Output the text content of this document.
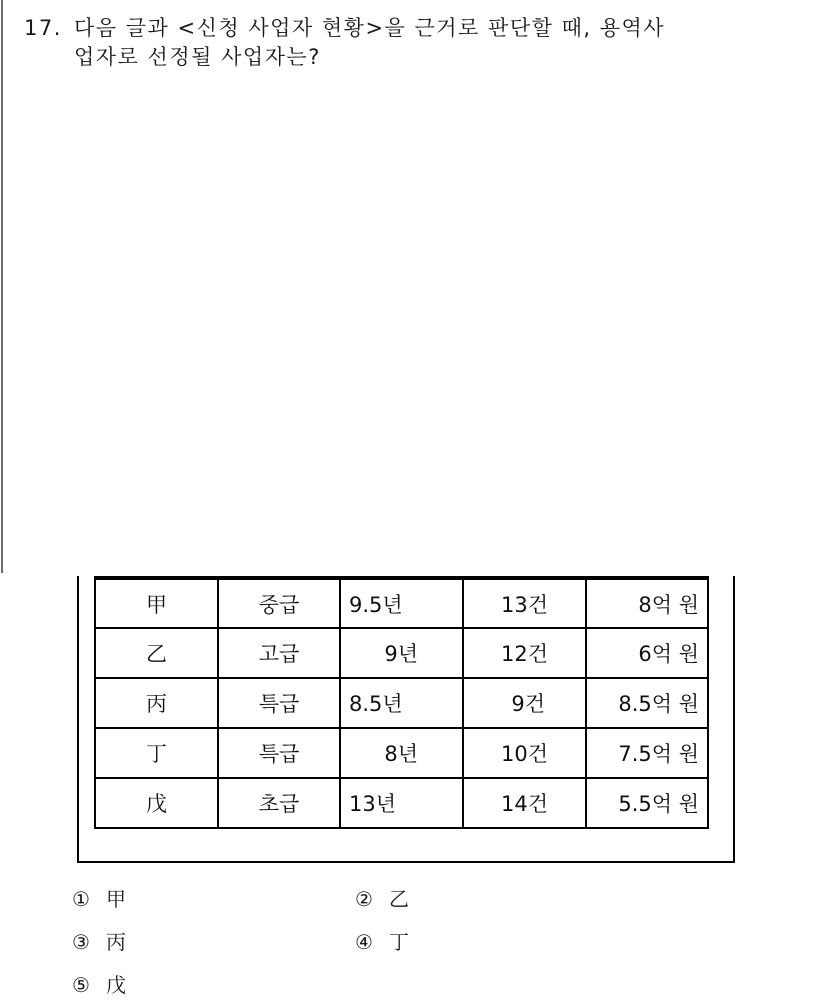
17. 다음 글과 <신청 사업자 현황>을 근거로 판단할 때, 용역사
업자로 선정될 사업자는?
甲	중급	9.5년	13건	8억 원
乙	고급	9년	12건	6억 원
丙	특급	8.5년	9건	8.5억 원
丁	특급	8년	10건	7.5억 원
戊	초급	13년	14건	5.5억 원
① 甲	② 乙
③ 丙	④ 丁
⑤ 戊
